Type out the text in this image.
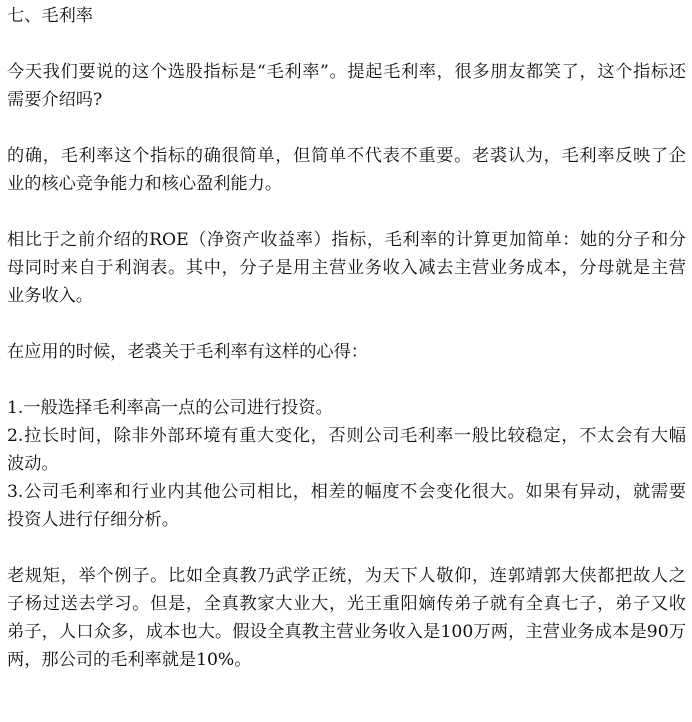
七、毛利率
今天我们要说的这个选股指标是“毛利率”。提起毛利率，很多朋友都笑了，这个指标还
需要介绍吗?
的确，毛利率这个指标的确很简单，但简单不代表不重要。老裘认为，毛利率反映了企
业的核心竞争能力和核心盈利能力。
相比于之前介绍的ROE（净资产收益率）指标，毛利率的计算更加简单：她的分子和分
母同时来自于利润表。其中，分子是用主营业务收入减去主营业务成本，分母就是主营
业务收入。
在应用的时候，老裘关于毛利率有这样的心得：
1.一般选择毛利率高一点的公司进行投资。
2.拉长时间，除非外部环境有重大变化，否则公司毛利率一般比较稳定，不太会有大幅
波动。
3.公司毛利率和行业内其他公司相比，相差的幅度不会变化很大。如果有异动，就需要
投资人进行仔细分析。
老规矩，举个例子。比如全真教乃武学正统，为天下人敬仰，连郭靖郭大侠都把故人之
子杨过送去学习。但是，全真教家大业大，光王重阳嫡传弟子就有全真七子，弟子又收
弟子，人口众多，成本也大。假设全真教主营业务收入是100万两，主营业务成本是90万
两，那公司的毛利率就是10%。
